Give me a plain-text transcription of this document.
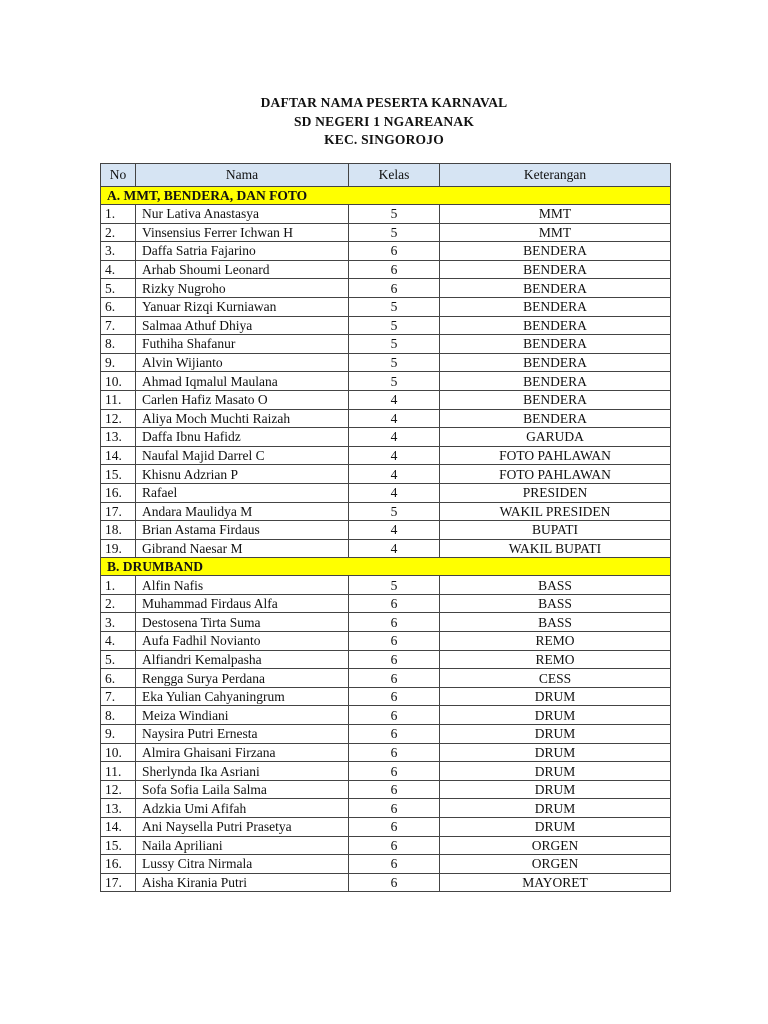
DAFTAR NAMA PESERTA KARNAVAL
SD NEGERI 1 NGAREANAK
KEC. SINGOROJO
No	Nama	Kelas	Keterangan
A. MMT, BENDERA, DAN FOTO			
1.	Nur Lativa Anastasya	5	MMT
2.	Vinsensius Ferrer Ichwan H	5	MMT
3.	Daffa Satria Fajarino	6	BENDERA
4.	Arhab Shoumi Leonard	6	BENDERA
5.	Rizky Nugroho	6	BENDERA
6.	Yanuar Rizqi Kurniawan	5	BENDERA
7.	Salmaa Athuf Dhiya	5	BENDERA
8.	Futhiha Shafanur	5	BENDERA
9.	Alvin Wijianto	5	BENDERA
10.	Ahmad Iqmalul Maulana	5	BENDERA
11.	Carlen Hafiz Masato O	4	BENDERA
12.	Aliya Moch Muchti Raizah	4	BENDERA
13.	Daffa Ibnu Hafidz	4	GARUDA
14.	Naufal Majid Darrel C	4	FOTO PAHLAWAN
15.	Khisnu Adzrian P	4	FOTO PAHLAWAN
16.	Rafael	4	PRESIDEN
17.	Andara Maulidya M	5	WAKIL PRESIDEN
18.	Brian Astama Firdaus	4	BUPATI
19.	Gibrand Naesar M	4	WAKIL BUPATI
B. DRUMBAND			
1.	Alfin Nafis	5	BASS
2.	Muhammad Firdaus Alfa	6	BASS
3.	Destosena Tirta Suma	6	BASS
4.	Aufa Fadhil Novianto	6	REMO
5.	Alfiandri Kemalpasha	6	REMO
6.	Rengga Surya Perdana	6	CESS
7.	Eka Yulian Cahyaningrum	6	DRUM
8.	Meiza Windiani	6	DRUM
9.	Naysira Putri Ernesta	6	DRUM
10.	Almira Ghaisani Firzana	6	DRUM
11.	Sherlynda Ika Asriani	6	DRUM
12.	Sofa Sofia Laila Salma	6	DRUM
13.	Adzkia Umi Afifah	6	DRUM
14.	Ani Naysella Putri Prasetya	6	DRUM
15.	Naila Apriliani	6	ORGEN
16.	Lussy Citra Nirmala	6	ORGEN
17.	Aisha Kirania Putri	6	MAYORET
